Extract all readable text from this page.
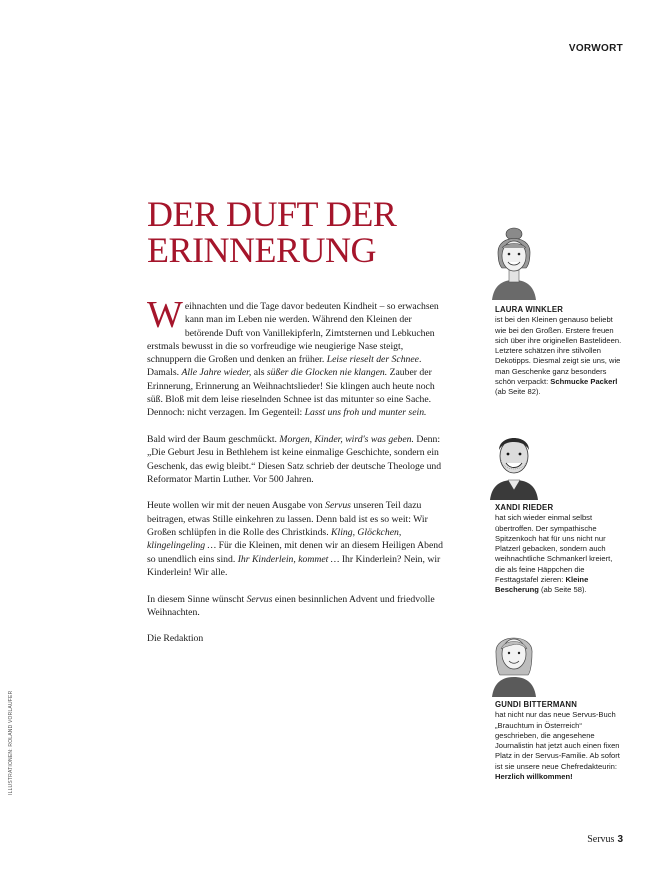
VORWORT
DER DUFT DER
ERINNERUNG

Weihnachten und die Tage davor bedeuten Kindheit – so erwachsen kann man im Leben nie werden. Während den Kleinen der betörende Duft von Vanillekipferln, Zimtsternen und Lebkuchen erstmals bewusst in die so vorfreudige wie neugierige Nase steigt, schnuppern die Großen und denken an früher. Leise rieselt der Schnee. Damals. Alle Jahre wieder, als süßer die Glocken nie klangen. Zauber der Erinnerung, Erinnerung an Weihnachtslieder! Sie klingen auch heute noch süß. Bloß mit dem leise rieselnden Schnee ist das mitunter so eine Sache. Dennoch: nicht verzagen. Im Gegenteil: Lasst uns froh und munter sein.

Bald wird der Baum geschmückt. Morgen, Kinder, wird's was geben. Denn: „Die Geburt Jesu in Bethlehem ist keine einmalige Geschichte, sondern ein Geschenk, das ewig bleibt.“ Diesen Satz schrieb der deutsche Theologe und Reformator Martin Luther. Vor 500 Jahren.

Heute wollen wir mit der neuen Ausgabe von Servus unseren Teil dazu beitragen, etwas Stille einkehren zu lassen. Denn bald ist es so weit: Wir Großen schlüpfen in die Rolle des Christkinds. Kling, Glöckchen, klingelingeling … Für die Kleinen, mit denen wir an diesem Heiligen Abend so unendlich eins sind. Ihr Kinderlein, kommet … Ihr Kinderlein? Nein, wir Kinderlein! Wir alle.

In diesem Sinne wünscht Servus einen besinnlichen Advent und friedvolle Weihnachten.

Die Redaktion

LAURA WINKLER
ist bei den Kleinen genauso beliebt wie bei den Großen. Erstere freuen sich über ihre originellen Bastelideen. Letztere schätzen ihre stilvollen Dekotipps. Diesmal zeigt sie uns, wie man Geschenke ganz besonders schön verpackt: Schmucke Packerl (ab Seite 82).
XANDI RIEDER
hat sich wieder einmal selbst übertroffen. Der sympathische Spitzenkoch hat für uns nicht nur Platzerl gebacken, sondern auch weihnachtliche Schmankerl kreiert, die als feine Häppchen die Festtagstafel zieren: Kleine Bescherung (ab Seite 58).
GUNDI BITTERMANN
hat nicht nur das neue Servus-Buch „Brauchtum in Österreich“ geschrieben, die angesehene Journalistin hat jetzt auch einen fixen Platz in der Servus-Familie. Ab sofort ist sie unsere neue Chefredakteurin: Herzlich willkommen!
ILLUSTRATIONEN: ROLAND VORLAUFER
Servus 3
